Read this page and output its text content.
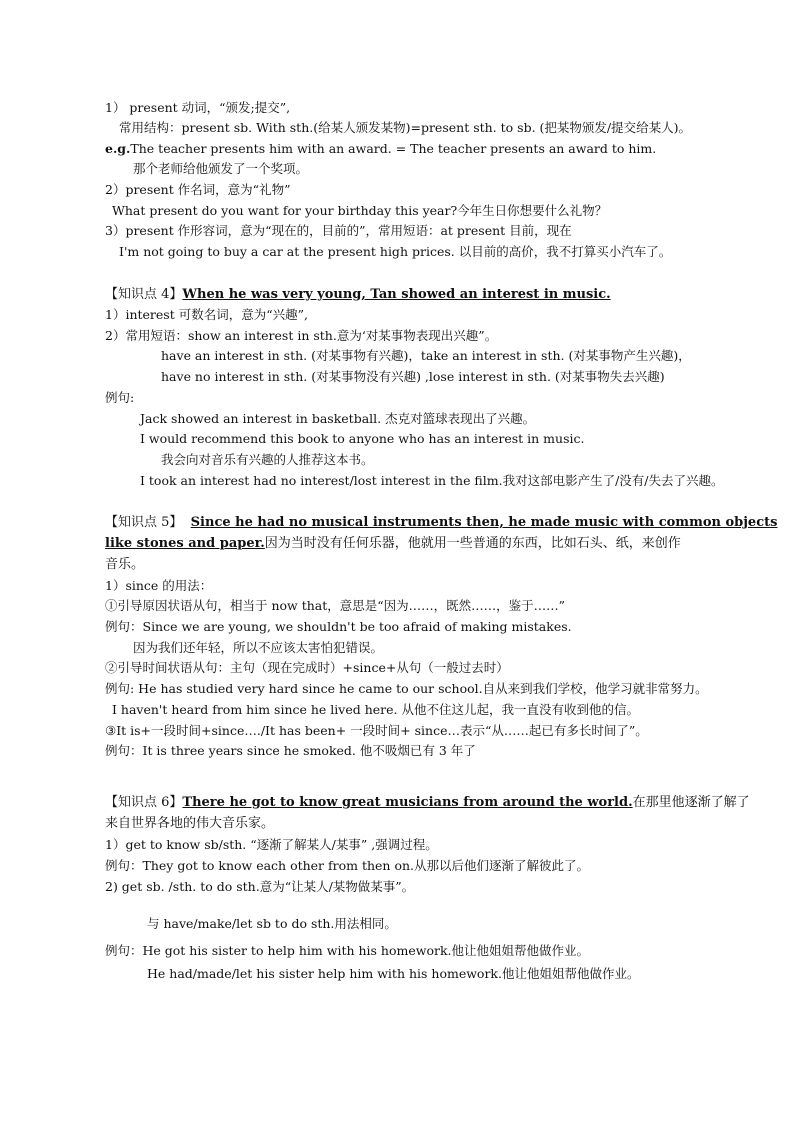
1） present 动词，“颁发;提交”,
常用结构：present sb. With sth.(给某人颁发某物)=present sth. to sb. (把某物颁发/提交给某人)。
e.g.The teacher presents him with an award. = The teacher presents an award to him.
那个老师给他颁发了一个奖项。
2）present 作名词，意为“礼物”
What present do you want for your birthday this year?今年生日你想要什么礼物？
3）present 作形容词，意为“现在的，目前的”，常用短语：at present 目前，现在
I'm not going to buy a car at the present high prices. 以目前的高价，我不打算买小汽车了。
【知识点 4】When he was very young, Tan showed an interest in music.
1）interest 可数名词，意为“兴趣”,
2）常用短语：show an interest in sth.意为‘对某事物表现出兴趣”。
have an interest in sth. (对某事物有兴趣)，take an interest in sth. (对某事物产生兴趣)，
have no interest in sth. (对某事物没有兴趣) ,lose interest in sth. (对某事物失去兴趣)
例句:
Jack showed an interest in basketball. 杰克对篮球表现出了兴趣。
I would recommend this book to anyone who has an interest in music.
我会向对音乐有兴趣的人推荐这本书。
I took an interest had no interest/lost interest in the film.我对这部电影产生了/没有/失去了兴趣。
【知识点 5】 Since he had no musical instruments then, he made music with common objects
like stones and paper.因为当时没有任何乐器，他就用一些普通的东西，比如石头、纸，来创作
音乐。
1）since 的用法：
①引导原因状语从句，相当于 now that，意思是“因为……，既然……，鉴于……”
例句：Since we are young, we shouldn't be too afraid of making mistakes.
因为我们还年轻，所以不应该太害怕犯错误。
②引导时间状语从句：主句（现在完成时）+since+从句（一般过去时）
例句: He has studied very hard since he came to our school.自从来到我们学校，他学习就非常努力。
I haven't heard from him since he lived here. 从他不住这儿起，我一直没有收到他的信。
③It is+一段时间+since…./It has been+ 一段时间+ since…表示“从……起已有多长时间了”。
例句：It is three years since he smoked. 他不吸烟已有 3 年了
【知识点 6】There he got to know great musicians from around the world.在那里他逐渐了解了
来自世界各地的伟大音乐家。
1）get to know sb/sth. “逐渐了解某人/某事” ,强调过程。
例句：They got to know each other from then on.从那以后他们逐渐了解彼此了。
2) get sb. /sth. to do sth.意为“让某人/某物做某事”。
与 have/make/let sb to do sth.用法相同。
例句：He got his sister to help him with his homework.他让他姐姐帮他做作业。
He had/made/let his sister help him with his homework.他让他姐姐帮他做作业。
